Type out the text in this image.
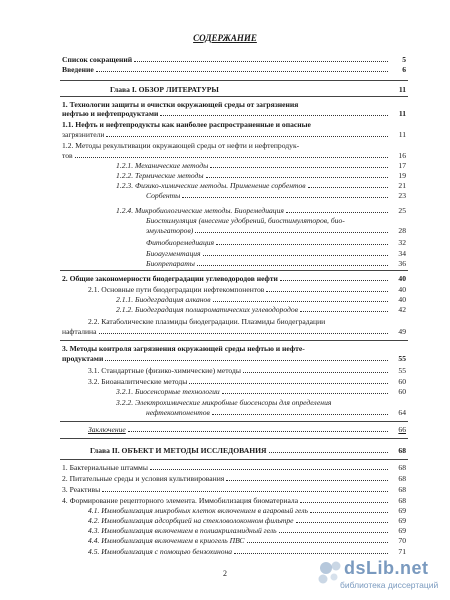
СОДЕРЖАНИЕ
Список сокращений	5
Введение	6
Глава I. ОБЗОР ЛИТЕРАТУРЫ	11
1. Технологии защиты и очистки окружающей среды от загрязнения
нефтью и нефтепродуктами	11
1.1. Нефть и нефтепродукты как наиболее распространенные и опасные
загрязнители	11
1.2. Методы рекультивации окружающей среды от нефти и нефтепродук-
тов	16
1.2.1. Механические методы	17
1.2.2. Термические методы	19
1.2.3. Физико-химические методы. Применение сорбентов	21
Сорбенты	23
1.2.4. Микробиологические методы. Биоремедиация	25
Биостимуляция (внесение удобрений, биостимуляторов, био-
эмульгаторов)	28
Фитобиоремедиация	32
Биоаугментация	34
Биопрепараты	36
2. Общие закономерности биодеградации углеводородов нефти	40
2.1. Основные пути биодеградации нефтекомпонентов	40
2.1.1. Биодеградация алканов	40
2.1.2. Биодеградация полиароматических углеводородов	42
2.2. Катаболические плазмиды биодеградации. Плазмиды биодеградации
нафталина	49
3. Методы контроля загрязнения окружающей среды нефтью и нефте-
продуктами	55
3.1. Стандартные (физико-химические) методы	55
3.2. Биоаналитические методы	60
3.2.1. Биосенсорные технологии	60
3.2.2. Электрохимические микробные биосенсоры для определения
нефтекомпонентов	64
Заключение	66
Глава II. ОБЪЕКТ И МЕТОДЫ ИССЛЕДОВАНИЯ	68
1. Бактериальные штаммы	68
2. Питательные среды и условия культивирования	68
3. Реактивы	68
4. Формирование рецепторного элемента. Иммобилизация биоматериала	68
4.1. Иммобилизация микробных клеток включением в агаровый гель	69
4.2. Иммобилизация адсорбцией на стекловолоконном фильтре	69
4.3. Иммобилизация включением в полиакриламидный гель	69
4.4. Иммобилизация включением в криогель ПВС	70
4.5. Иммобилизация с помощью бензохинона	71
2	dsLib.net
библиотека диссертаций
